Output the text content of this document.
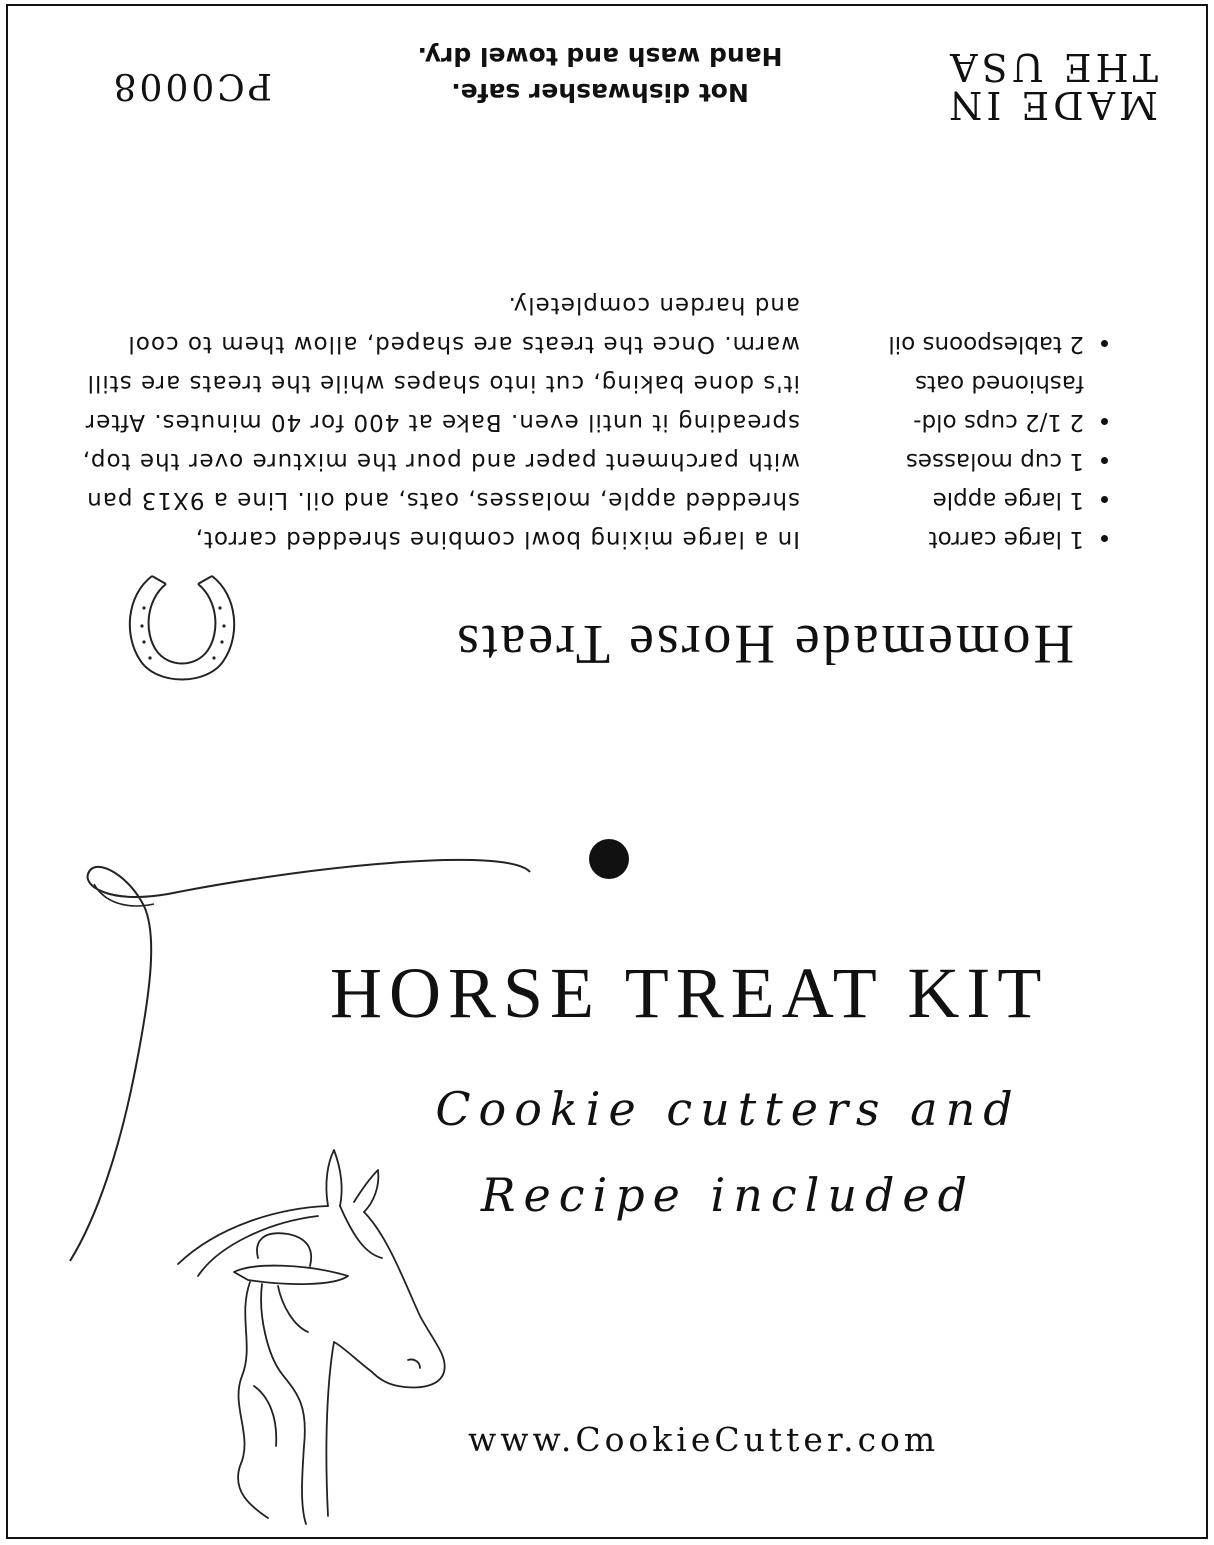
MADE IN
THE USA
Not dishwasher safe.
Hand wash and towel dry.
PC0008
Homemade Horse Treats
• 1 large carrot
• 1 large apple
• 1 cup molasses
• 2 1/2 cups old-fashioned oats
• 2 tablespoons oil
In a large mixing bowl combine shredded carrot, shredded apple, molasses, oats, and oil. Line a 9X13 pan with parchment paper and pour the mixture over the top, spreading it until even. Bake at 400 for 40 minutes. After it's done baking, cut into shapes while the treats are still warm. Once the treats are shaped, allow them to cool and harden completely.
HORSE TREAT KIT
Cookie cutters and
Recipe included
www.CookieCutter.com
